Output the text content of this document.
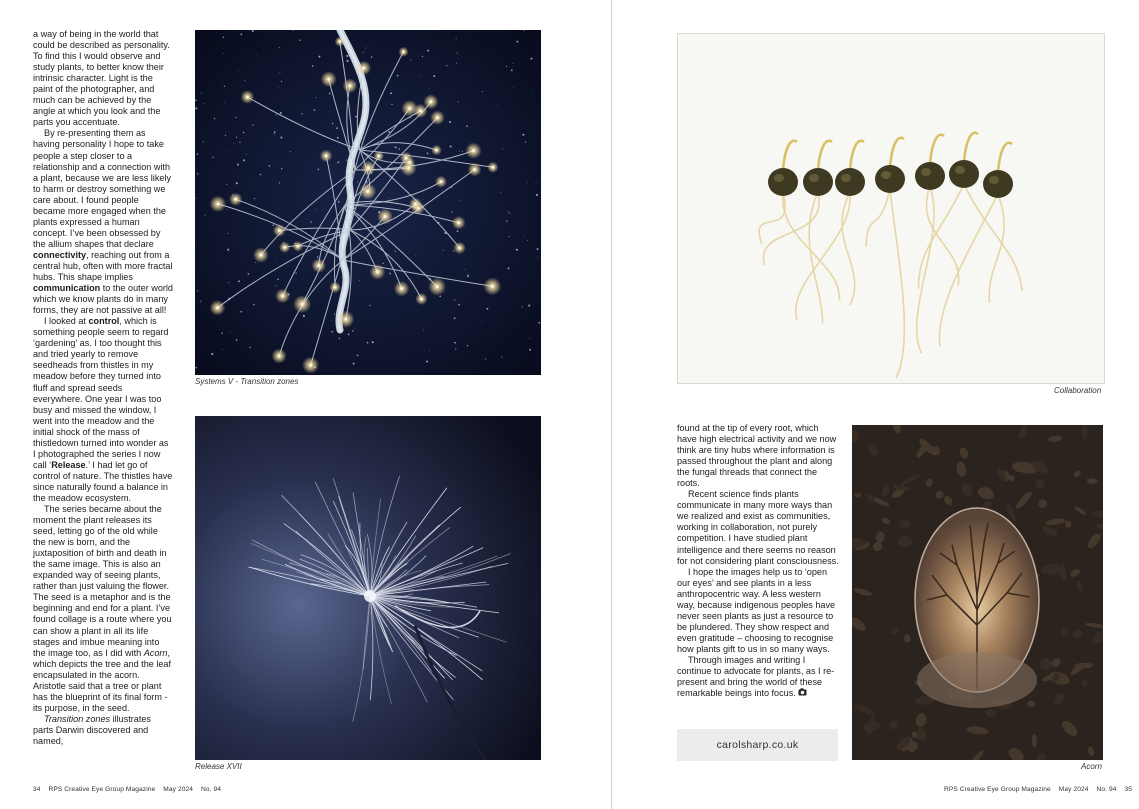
a way of being in the world that could be described as personality. To find this I would observe and study plants, to better know their intrinsic character. Light is the paint of the photographer, and much can be achieved by the angle at which you look and the parts you accentuate.

By re-presenting them as having personality I hope to take people a step closer to a relationship and a connection with a plant, because we are less likely to harm or destroy something we care about. I found people became more engaged when the plants expressed a human concept. I’ve been obsessed by the allium shapes that declare connectivity, reaching out from a central hub, often with more fractal hubs. This shape implies communication to the outer world which we know plants do in many forms, they are not passive at all!

I looked at control, which is something people seem to regard ‘gardening’ as. I too thought this and tried yearly to remove seedheads from thistles in my meadow before they turned into fluff and spread seeds everywhere. One year I was too busy and missed the window, I went into the meadow and the initial shock of the mass of thistledown turned into wonder as I photographed the series I now call ‘Release.’ I had let go of control of nature. The thistles have since naturally found a balance in the meadow ecosystem.

The series became about the moment the plant releases its seed, letting go of the old while the new is born, and the juxtaposition of birth and death in the same image. This is also an expanded way of seeing plants, rather than just valuing the flower. The seed is a metaphor and is the beginning and end for a plant. I’ve found collage is a route where you can show a plant in all its life stages and imbue meaning into the image too, as I did with Acorn, which depicts the tree and the leaf encapsulated in the acorn. Aristotle said that a tree or plant has the blueprint of its final form - its purpose, in the seed.

Transition zones illustrates parts Darwin discovered and named,

Systems V - Transition zones
Release XVII
34 RPS Creative Eye Group Magazine May 2024 No. 94
Collaboration

found at the tip of every root, which have high electrical activity and we now think are tiny hubs where information is passed throughout the plant and along the fungal threads that connect the roots.

Recent science finds plants communicate in many more ways than we realized and exist as communities, working in collaboration, not purely competition. I have studied plant intelligence and there seems no reason for not considering plant consciousness.

I hope the images help us to ‘open our eyes’ and see plants in a less anthropocentric way. A less western way, because indigenous peoples have never seen plants as just a resource to be plundered. They show respect and even gratitude – choosing to recognise how plants gift to us in so many ways.

Through images and writing I continue to advocate for plants, as I re-present and bring the world of these remarkable beings into focus.

carolsharp.co.uk
Acorn
RPS Creative Eye Group Magazine May 2024 No. 94 35
